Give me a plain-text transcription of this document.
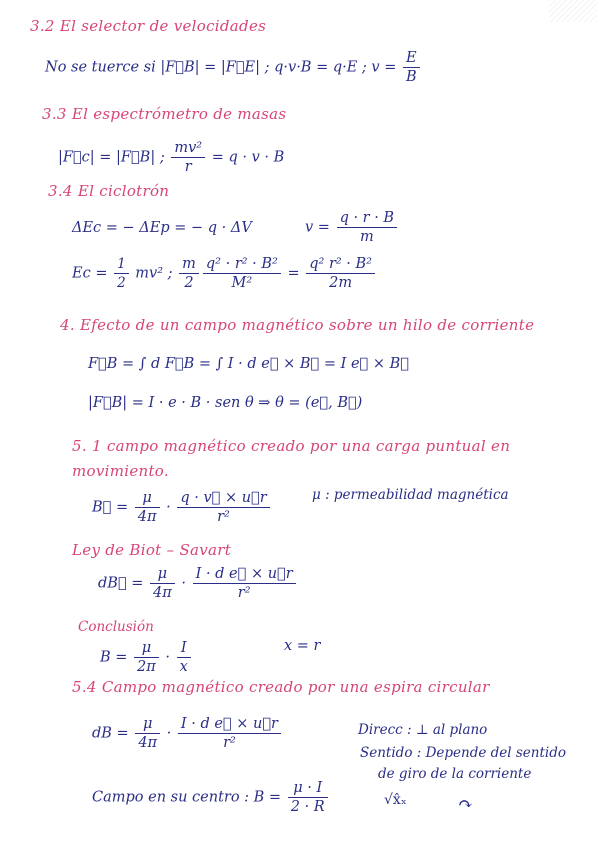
3.2 El selector de velocidades
No se tuerce si |F⃗B| = |F⃗E| ; q·v·B = q·E ; $v = \frac{E}{B}$
3.3 El espectrómetro de masas
|F⃗c| = |F⃗B| ; $\frac{\text{mv²}}{r} = q \cdot v \cdot B$
3.4 El ciclotrón
ΔEc = − ΔEp = − q · ΔV	$v = \frac{q \cdot r \cdot B}{m}$
$Ec = \frac{1}{2} mv^2$ ; $\frac{m}{2} \frac{\text{q² · r² · B²}}{\text{M²}} = \frac{\text{q² r² · B²}}{2m}$
4. Efecto de un campo magnético sobre un hilo de corriente
F⃗B = ∫ d F⃗B = ∫ I · d e⃗ × B⃗ = I e⃗ × B⃗
|F⃗B| = I · e · B · sen θ ⇒ θ = (e⃗, B⃗)
5. 1 campo magnético creado por una carga puntual en
movimiento.
B⃗ = $\frac{\mu}{4\pi} \cdot \frac{q \cdot v⃗ \times u⃗r}{\text{r²}}$	μ : permeabilidad magnética
Ley de Biot – Savart
dB⃗ = $\frac{\mu}{4\pi} \cdot \frac{\text{I · d e⃗ × u⃗r}}{\text{r²}}$
Conclusión
$B = \frac{\mu}{2\pi} \cdot \frac{I}{x}$	x = r
5.4 Campo magnético creado por una espira circular
dB = $\frac{\mu}{4\pi} \cdot \frac{\text{I · d e⃗ × u⃗r}}{\text{r²}}$	Direcc : ⊥ al plano
Sentido : Depende del sentido
de giro de la corriente
Campo en su centro : $B = \frac{\mu \cdot I}{2 \cdot R}$	√x̂ₓ	↷
